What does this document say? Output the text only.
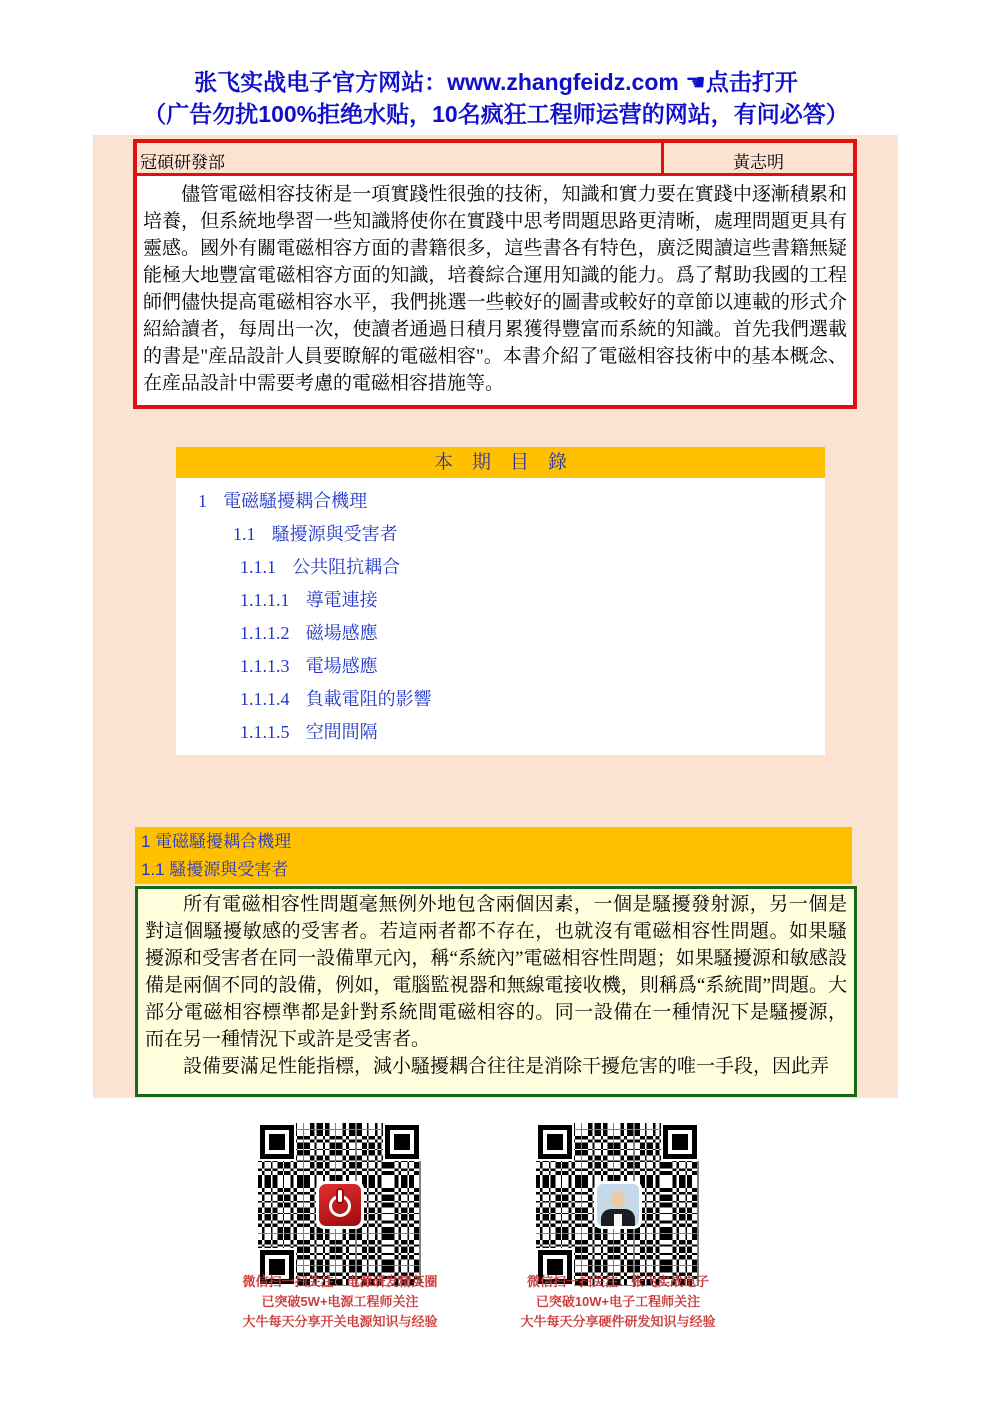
张飞实战电子官方网站：www.zhangfeidz.com ☚点击打开
（广告勿扰100%拒绝水贴，10名疯狂工程师运营的网站，有问必答）
冠碩研發部	黃志明
儘管電磁相容技術是一項實踐性很強的技術，知識和實力要在實踐中逐漸積累和培養，但系統地學習一些知識將使你在實踐中思考問題思路更清晰，處理問題更具有靈感。國外有關電磁相容方面的書籍很多，這些書各有特色，廣泛閱讀這些書籍無疑能極大地豐富電磁相容方面的知識，培養綜合運用知識的能力。爲了幫助我國的工程師們儘快提高電磁相容水平，我們挑選一些較好的圖書或較好的章節以連載的形式介紹給讀者，每周出一次，使讀者通過日積月累獲得豐富而系統的知識。首先我們選載的書是"産品設計人員要瞭解的電磁相容"。本書介紹了電磁相容技術中的基本概念、在産品設計中需要考慮的電磁相容措施等。
本　期　目　錄
1 電磁騷擾耦合機理
1.1 騷擾源與受害者
1.1.1 公共阻抗耦合
1.1.1.1 導電連接
1.1.1.2 磁場感應
1.1.1.3 電場感應
1.1.1.4 負載電阻的影響
1.1.1.5 空間間隔
1 電磁騷擾耦合機理
1.1 騷擾源與受害者

所有電磁相容性問題毫無例外地包含兩個因素，一個是騷擾發射源，另一個是對這個騷擾敏感的受害者。若這兩者都不存在，也就沒有電磁相容性問題。如果騷擾源和受害者在同一設備單元內，稱“系統內”電磁相容性問題；如果騷擾源和敏感設備是兩個不同的設備，例如，電腦監視器和無線電接收機，則稱爲“系統間”問題。大部分電磁相容標準都是針對系統間電磁相容的。同一設備在一種情況下是騷擾源，而在另一種情況下或許是受害者。

設備要滿足性能指標，減小騷擾耦合往往是消除干擾危害的唯一手段，因此弄

微信扫一扫关注：电源研发精英圈
已突破5W+电源工程师关注
大牛每天分享开关电源知识与经验
微信扫一扫关注：张飞实战电子
已突破10W+电子工程师关注
大牛每天分享硬件研发知识与经验
